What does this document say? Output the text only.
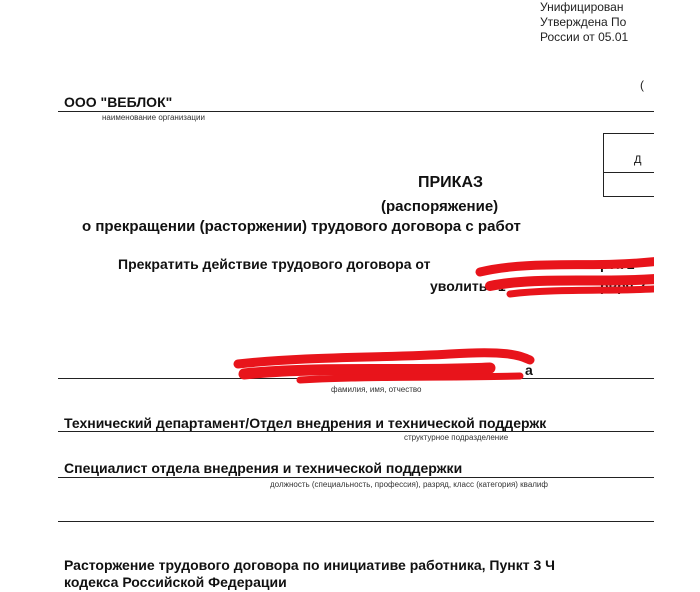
Унифицирован
Утверждена По
России от 05.01
(
ООО "ВЕБЛОК"
наименование организации
Д
ПРИКАЗ
(распоряжение)
о прекращении (расторжении) трудового договора с работ
Прекратить действие трудового договора от	рта 2
уволить "1	рвря 2
а
фамилия, имя, отчество
Технический департамент/Отдел внедрения и технической поддержк
структурное подразделение
Специалист отдела внедрения и технической поддержки
должность (специальность, профессия), разряд, класс (категория) квалиф
Расторжение трудового договора по инициативе работника, Пункт 3 Ч
кодекса Российской Федерации
